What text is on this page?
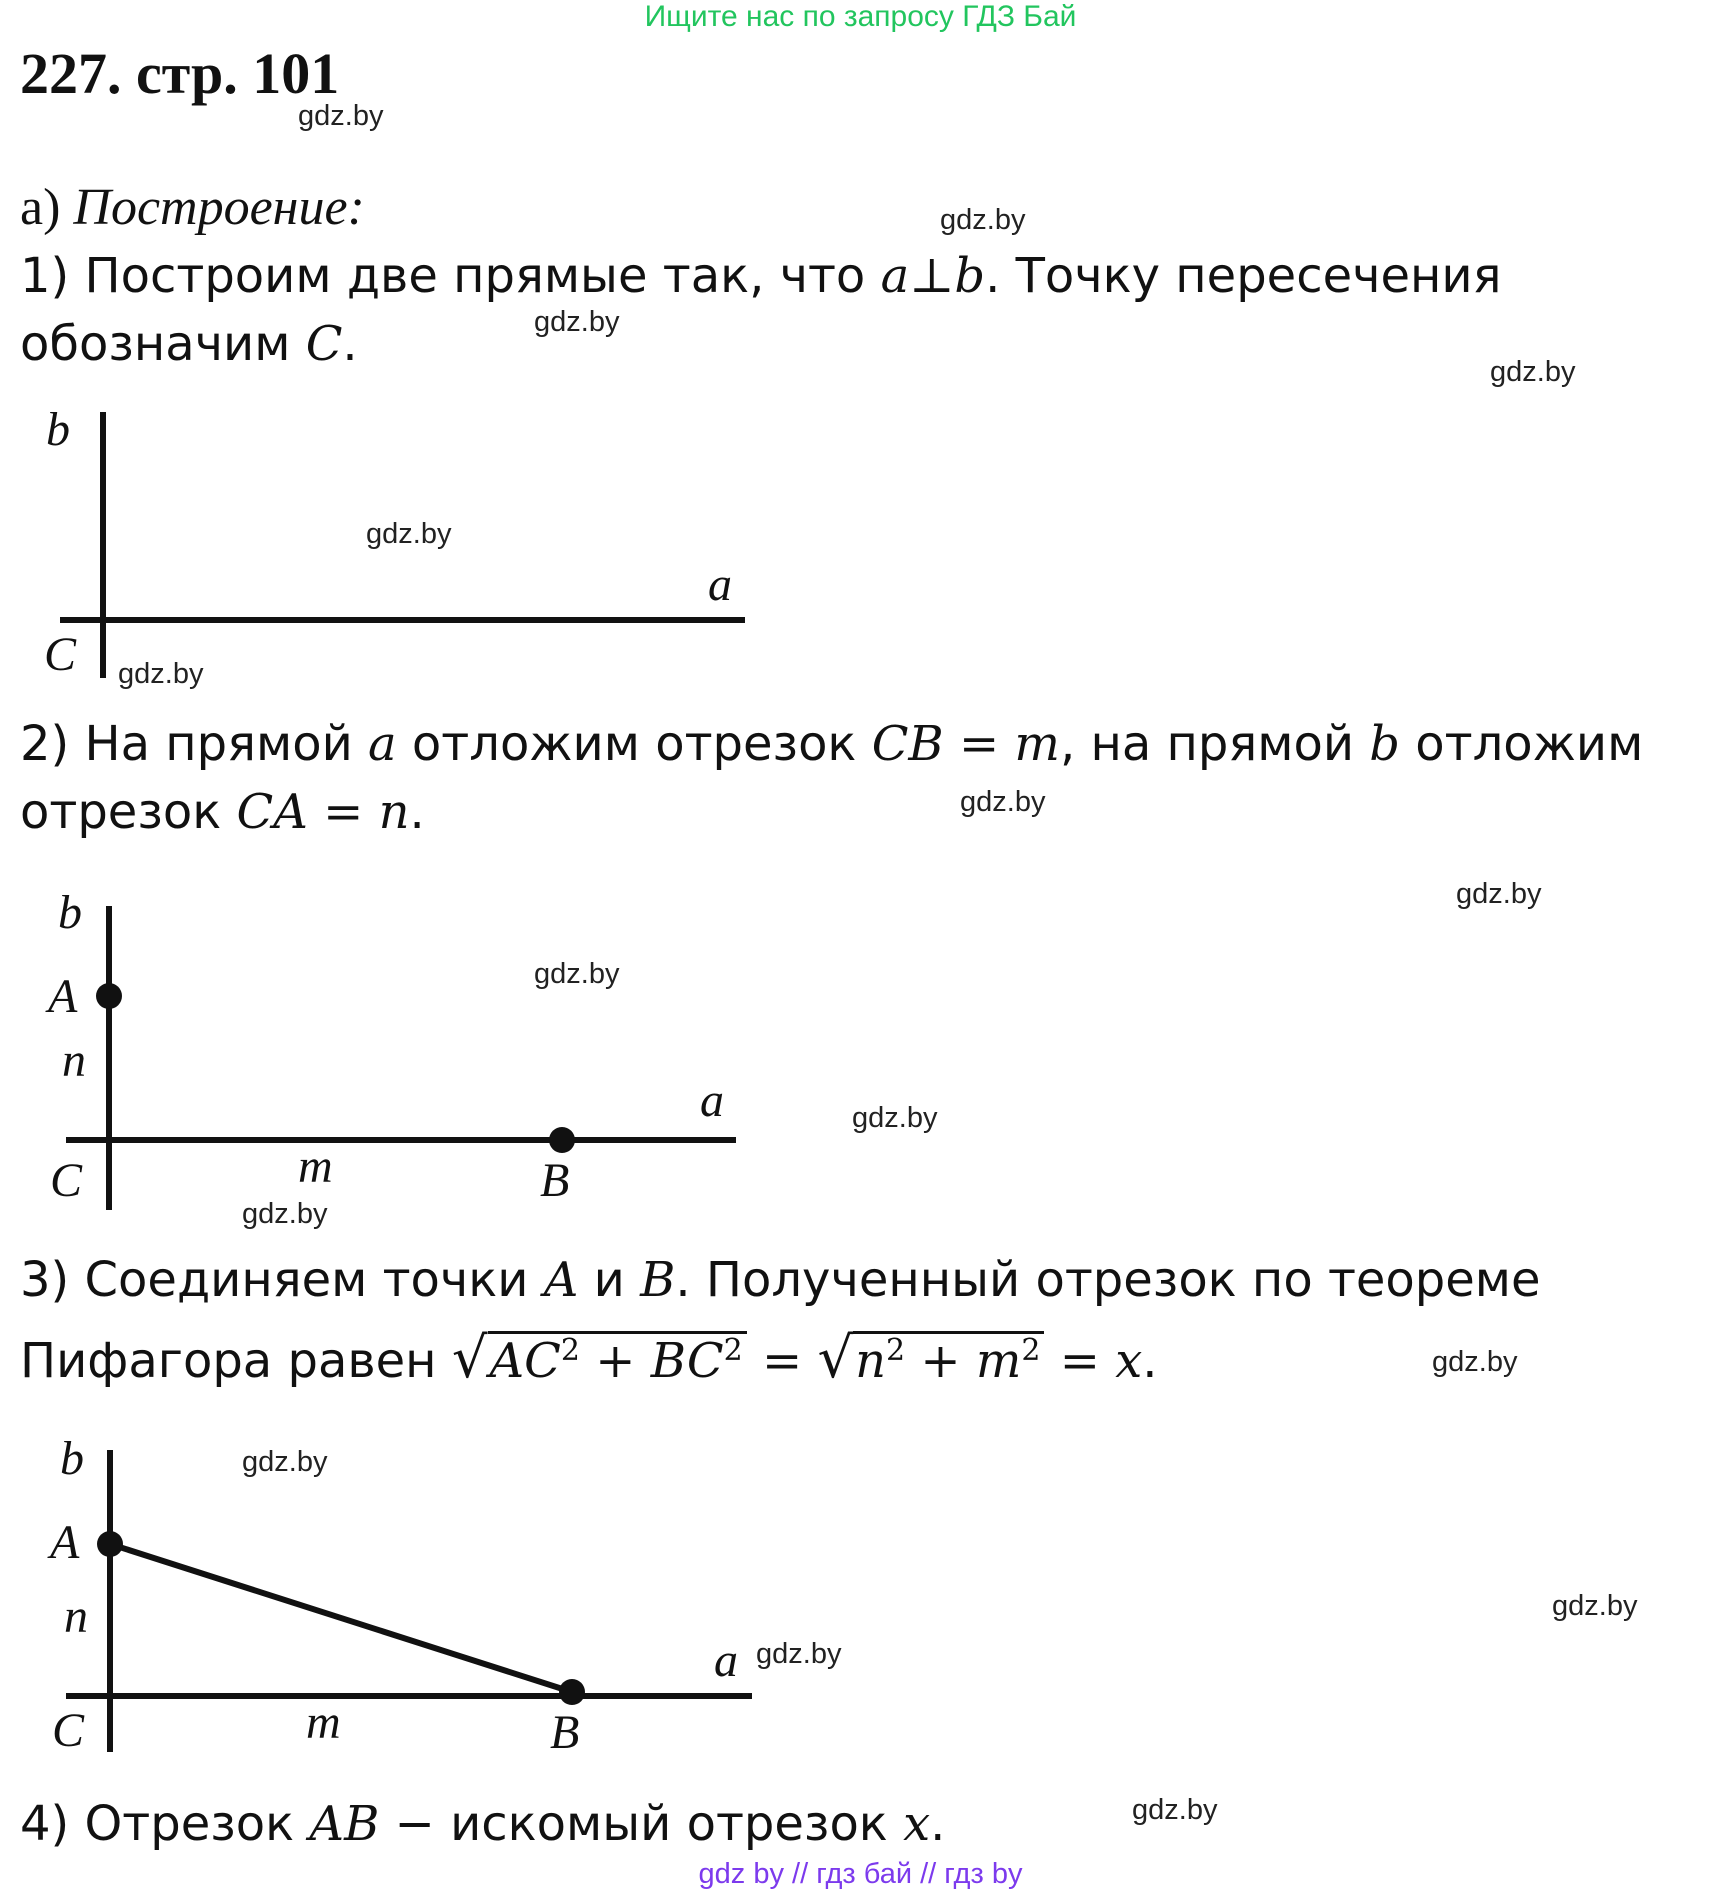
Ищите нас по запросу ГДЗ Бай
227. стр. 101
а) Построение:
1) Построим две прямые так, что a⊥b. Точку пересечения
обозначим C.
b
a
C
2) На прямой a отложим отрезок CB = m, на прямой b отложим
отрезок CA = n.
b
A
n
a
C	m	B
3) Соединяем точки A и B. Полученный отрезок по теореме
Пифагора равен $√AC^2 + BC^2 = √n^2 + m^2 = x$.
b
A
n
a
C	m	B
4) Отрезок AB − искомый отрезок x.
gdz.by
gdz.by
gdz.by
gdz.by
gdz.by
gdz.by
gdz.by
gdz.by
gdz.by
gdz.by
gdz.by
gdz.by
gdz.by
gdz.by
gdz.by
gdz.by
gdz by // гдз бай // гдз by
